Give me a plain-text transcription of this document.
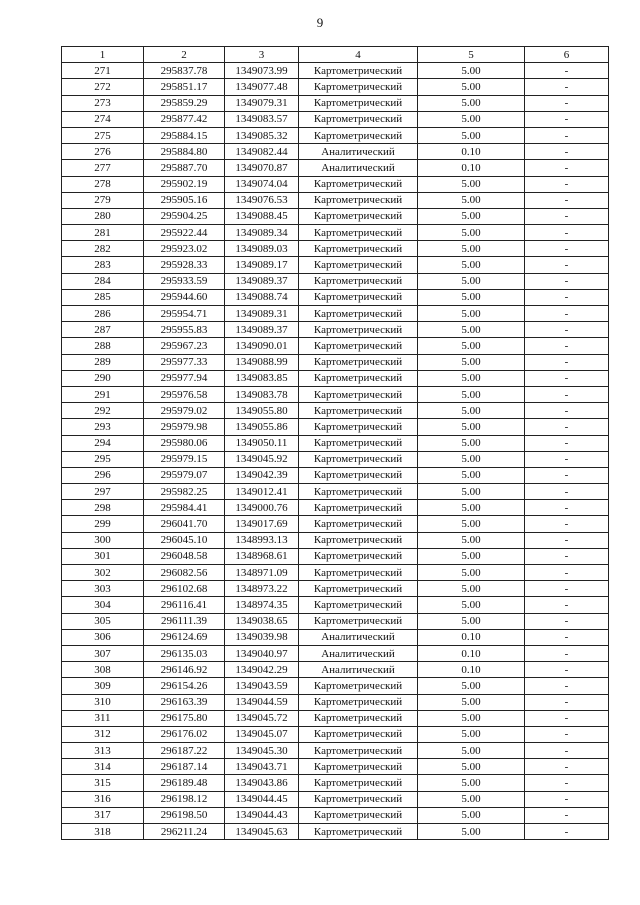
9
1	2	3	4	5	6
271	295837.78	1349073.99	Картометрический	5.00	-
272	295851.17	1349077.48	Картометрический	5.00	-
273	295859.29	1349079.31	Картометрический	5.00	-
274	295877.42	1349083.57	Картометрический	5.00	-
275	295884.15	1349085.32	Картометрический	5.00	-
276	295884.80	1349082.44	Аналитический	0.10	-
277	295887.70	1349070.87	Аналитический	0.10	-
278	295902.19	1349074.04	Картометрический	5.00	-
279	295905.16	1349076.53	Картометрический	5.00	-
280	295904.25	1349088.45	Картометрический	5.00	-
281	295922.44	1349089.34	Картометрический	5.00	-
282	295923.02	1349089.03	Картометрический	5.00	-
283	295928.33	1349089.17	Картометрический	5.00	-
284	295933.59	1349089.37	Картометрический	5.00	-
285	295944.60	1349088.74	Картометрический	5.00	-
286	295954.71	1349089.31	Картометрический	5.00	-
287	295955.83	1349089.37	Картометрический	5.00	-
288	295967.23	1349090.01	Картометрический	5.00	-
289	295977.33	1349088.99	Картометрический	5.00	-
290	295977.94	1349083.85	Картометрический	5.00	-
291	295976.58	1349083.78	Картометрический	5.00	-
292	295979.02	1349055.80	Картометрический	5.00	-
293	295979.98	1349055.86	Картометрический	5.00	-
294	295980.06	1349050.11	Картометрический	5.00	-
295	295979.15	1349045.92	Картометрический	5.00	-
296	295979.07	1349042.39	Картометрический	5.00	-
297	295982.25	1349012.41	Картометрический	5.00	-
298	295984.41	1349000.76	Картометрический	5.00	-
299	296041.70	1349017.69	Картометрический	5.00	-
300	296045.10	1348993.13	Картометрический	5.00	-
301	296048.58	1348968.61	Картометрический	5.00	-
302	296082.56	1348971.09	Картометрический	5.00	-
303	296102.68	1348973.22	Картометрический	5.00	-
304	296116.41	1348974.35	Картометрический	5.00	-
305	296111.39	1349038.65	Картометрический	5.00	-
306	296124.69	1349039.98	Аналитический	0.10	-
307	296135.03	1349040.97	Аналитический	0.10	-
308	296146.92	1349042.29	Аналитический	0.10	-
309	296154.26	1349043.59	Картометрический	5.00	-
310	296163.39	1349044.59	Картометрический	5.00	-
311	296175.80	1349045.72	Картометрический	5.00	-
312	296176.02	1349045.07	Картометрический	5.00	-
313	296187.22	1349045.30	Картометрический	5.00	-
314	296187.14	1349043.71	Картометрический	5.00	-
315	296189.48	1349043.86	Картометрический	5.00	-
316	296198.12	1349044.45	Картометрический	5.00	-
317	296198.50	1349044.43	Картометрический	5.00	-
318	296211.24	1349045.63	Картометрический	5.00	-
